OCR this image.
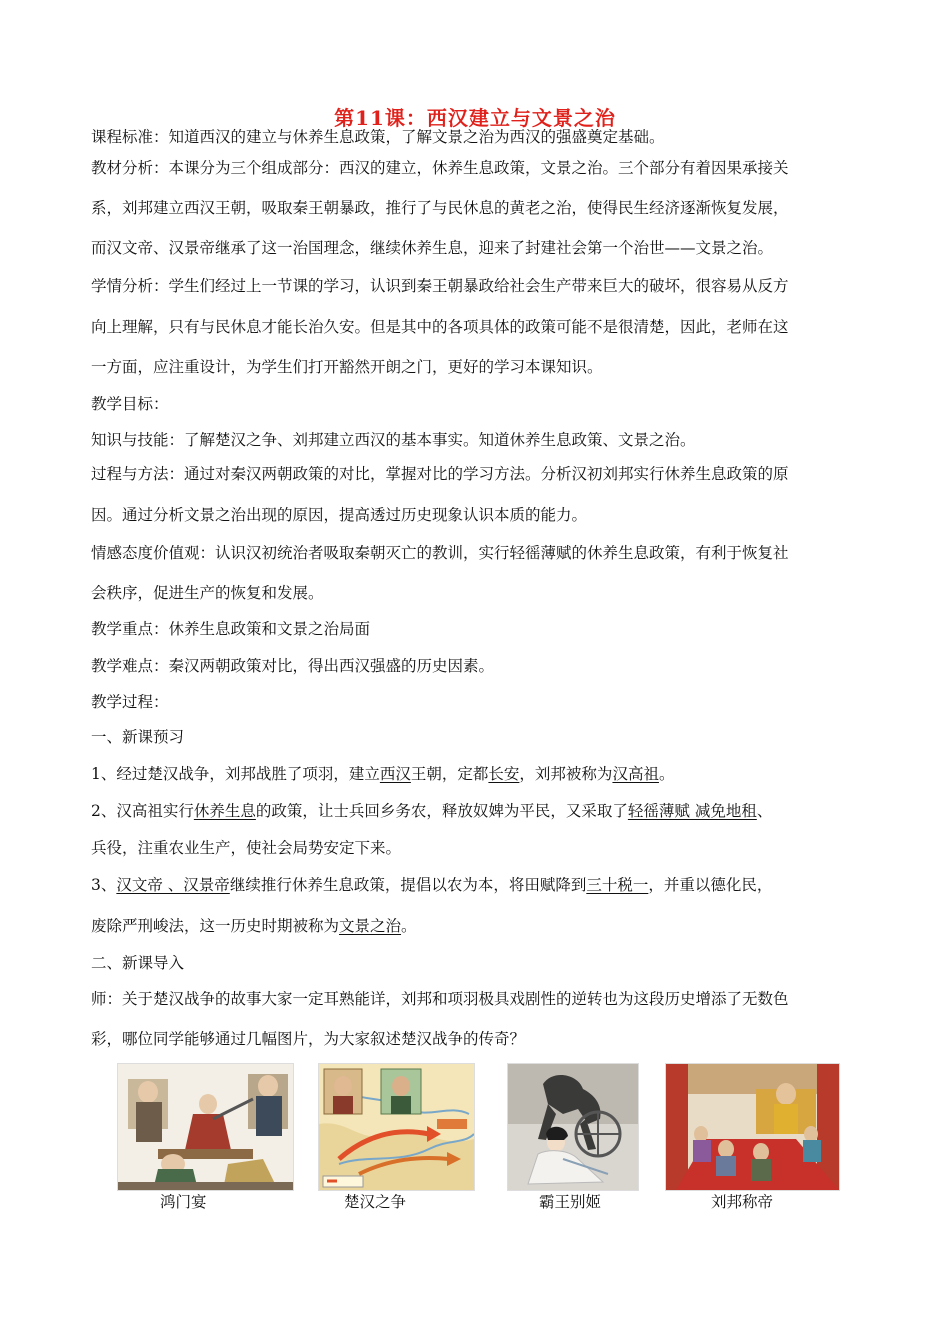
第11课：西汉建立与文景之治
课程标准：知道西汉的建立与休养生息政策，了解文景之治为西汉的强盛奠定基础。
教材分析：本课分为三个组成部分：西汉的建立，休养生息政策，文景之治。三个部分有着因果承接关
系，刘邦建立西汉王朝，吸取秦王朝暴政，推行了与民休息的黄老之治，使得民生经济逐渐恢复发展，
而汉文帝、汉景帝继承了这一治国理念，继续休养生息，迎来了封建社会第一个治世——文景之治。
学情分析：学生们经过上一节课的学习，认识到秦王朝暴政给社会生产带来巨大的破坏，很容易从反方
向上理解，只有与民休息才能长治久安。但是其中的各项具体的政策可能不是很清楚，因此，老师在这
一方面，应注重设计，为学生们打开豁然开朗之门，更好的学习本课知识。
教学目标：
知识与技能：了解楚汉之争、刘邦建立西汉的基本事实。知道休养生息政策、文景之治。
过程与方法：通过对秦汉两朝政策的对比，掌握对比的学习方法。分析汉初刘邦实行休养生息政策的原
因。通过分析文景之治出现的原因，提高透过历史现象认识本质的能力。
情感态度价值观：认识汉初统治者吸取秦朝灭亡的教训，实行轻徭薄赋的休养生息政策，有利于恢复社
会秩序，促进生产的恢复和发展。
教学重点：休养生息政策和文景之治局面
教学难点：秦汉两朝政策对比，得出西汉强盛的历史因素。
教学过程：
一、新课预习
1、经过楚汉战争，刘邦战胜了项羽，建立西汉王朝，定都长安，刘邦被称为汉高祖。
2、汉高祖实行休养生息的政策，让士兵回乡务农，释放奴婢为平民，又采取了轻徭薄赋 减免地租、
兵役，注重农业生产，使社会局势安定下来。
3、汉文帝 、汉景帝继续推行休养生息政策，提倡以农为本，将田赋降到三十税一，并重以德化民，
废除严刑峻法，这一历史时期被称为文景之治。
二、新课导入
师：关于楚汉战争的故事大家一定耳熟能详，刘邦和项羽极具戏剧性的逆转也为这段历史增添了无数色
彩，哪位同学能够通过几幅图片，为大家叙述楚汉战争的传奇？
鸿门宴	楚汉之争	霸王别姬	刘邦称帝
